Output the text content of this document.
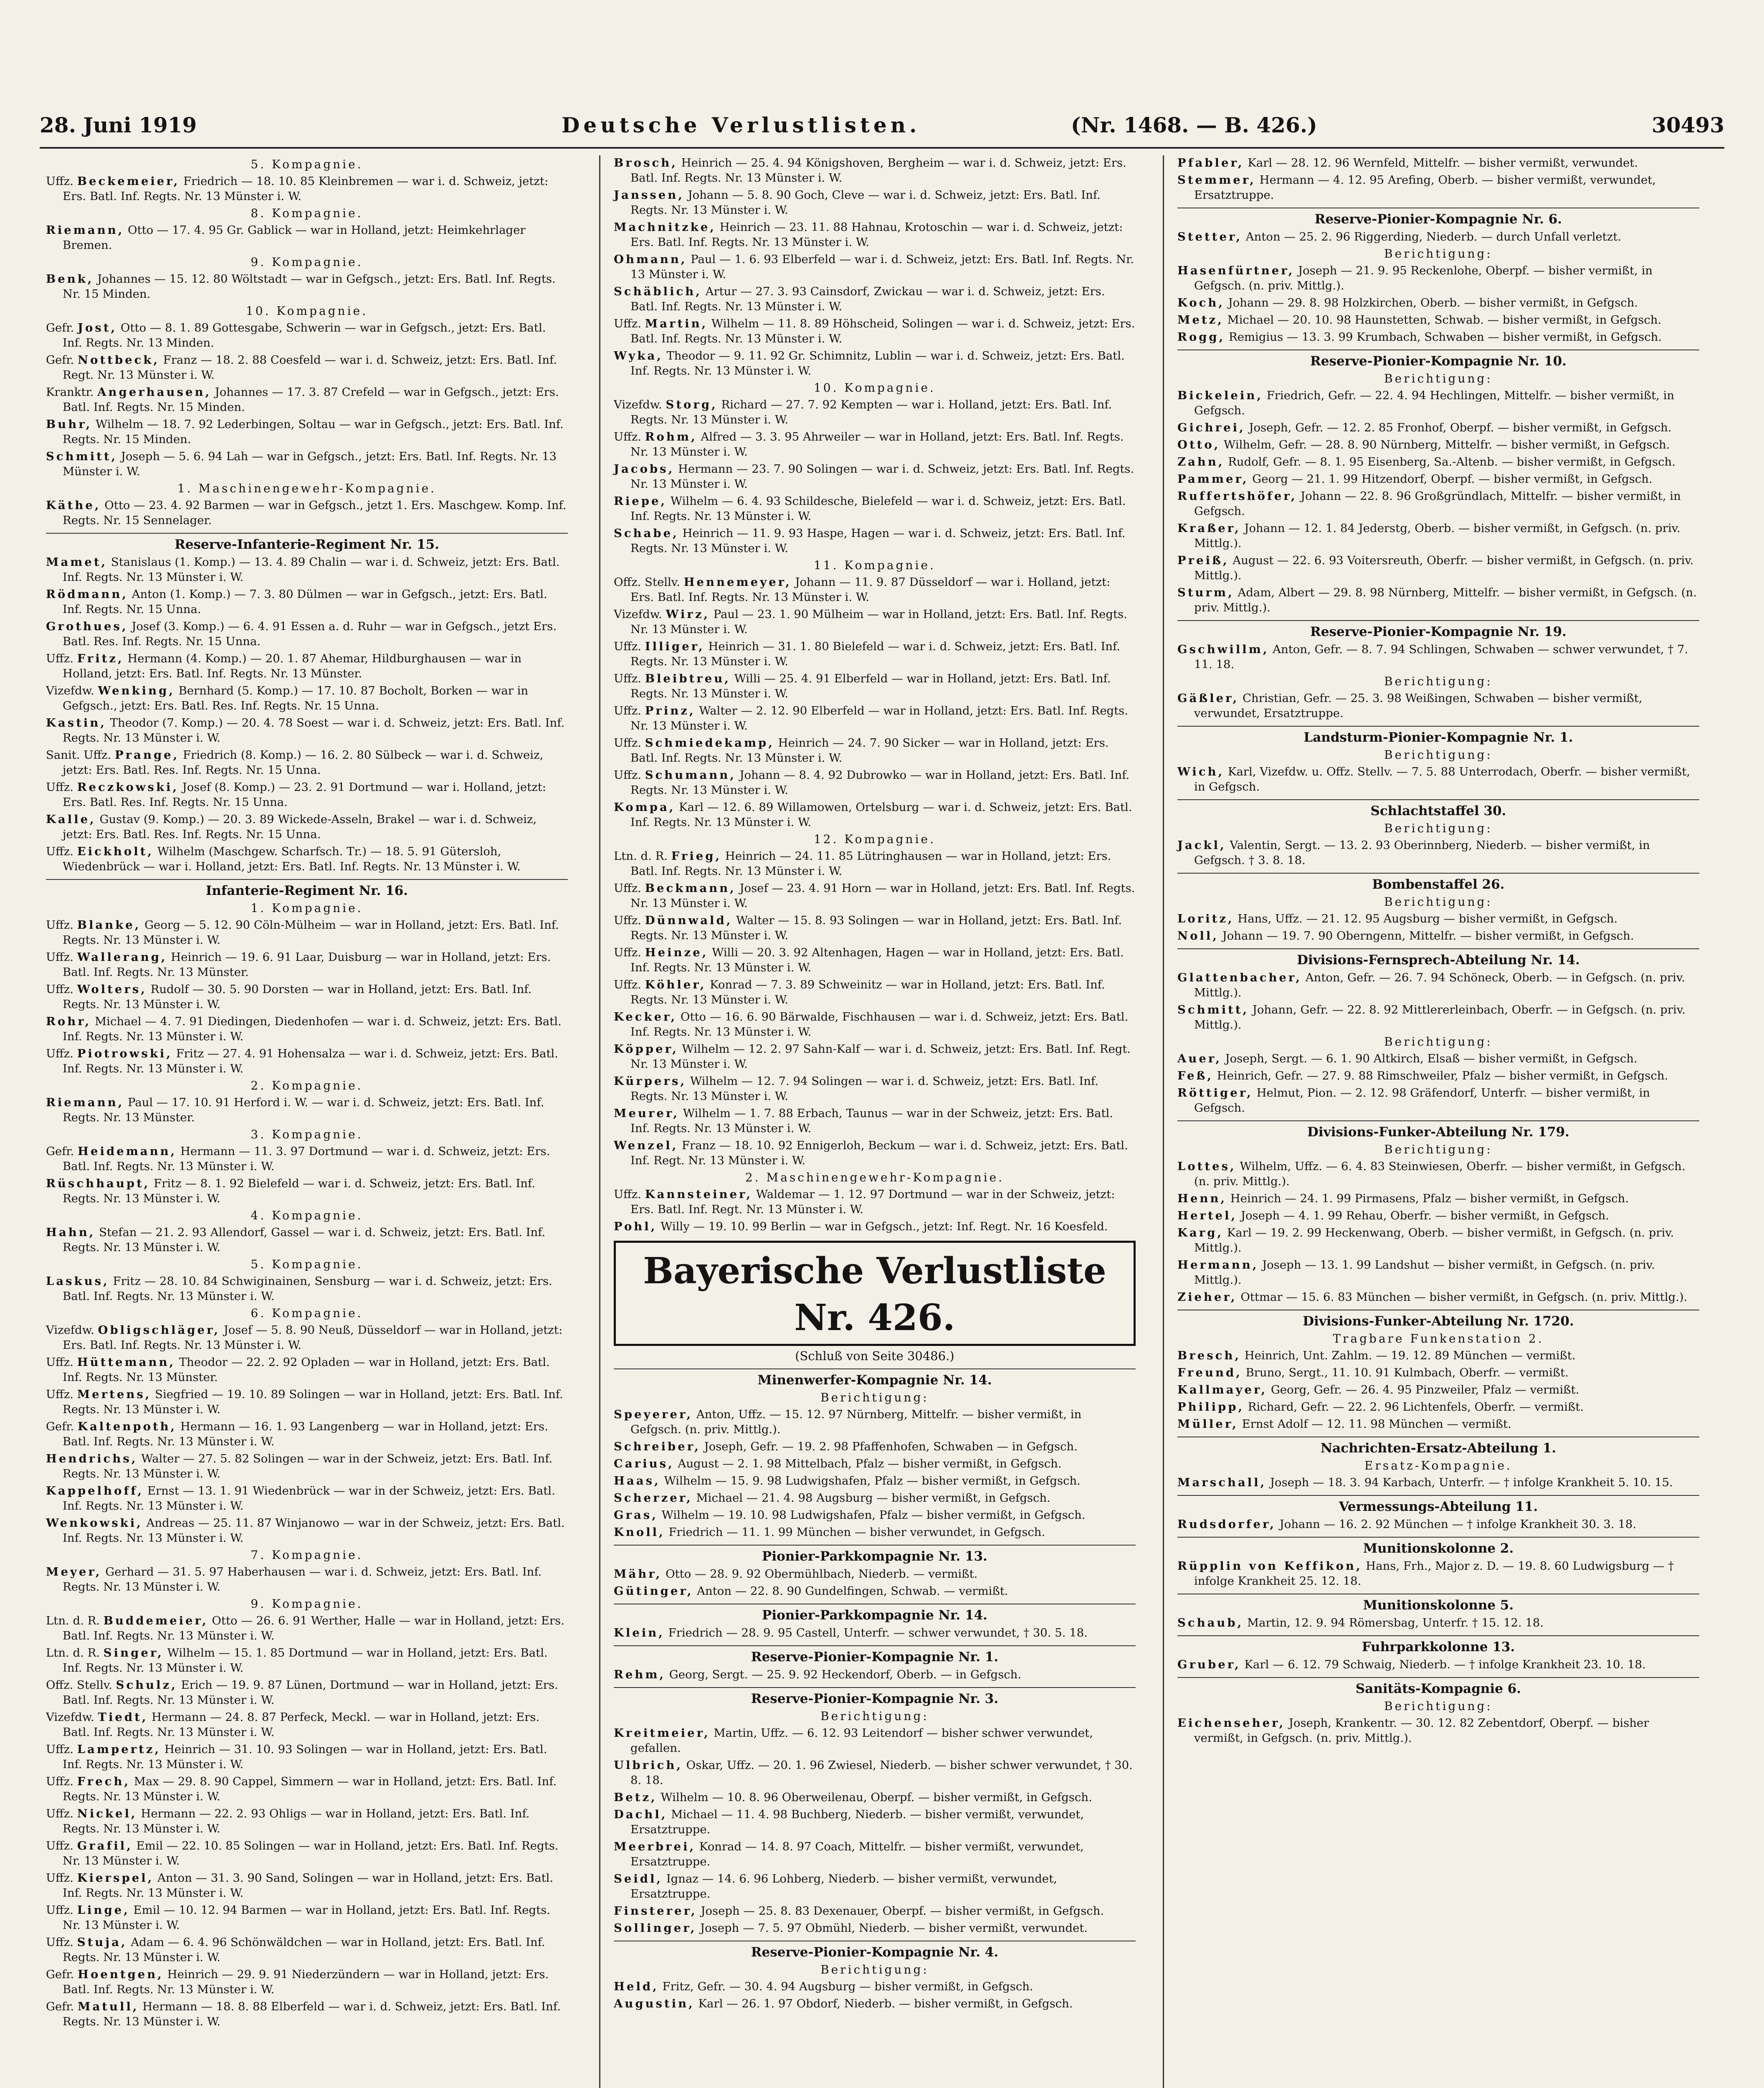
28. Juni 1919	Deutsche Verlustlisten.	30493
(Nr. 1468. — B. 426.)
5. Kompagnie.
Uffz. Beckemeier, Friedrich — 18. 10. 85 Kleinbremen — war i. d. Schweiz, jetzt: Ers. Batl. Inf. Regts. Nr. 13 Münster i. W.
8. Kompagnie.
Riemann, Otto — 17. 4. 95 Gr. Gablick — war in Holland, jetzt: Heimkehrlager Bremen.
9. Kompagnie.
Benk, Johannes — 15. 12. 80 Wöltstadt — war in Gefgsch., jetzt: Ers. Batl. Inf. Regts. Nr. 15 Minden.
10. Kompagnie.
Gefr. Jost, Otto — 8. 1. 89 Gottesgabe, Schwerin — war in Gefgsch., jetzt: Ers. Batl. Inf. Regts. Nr. 13 Minden.
Gefr. Nottbeck, Franz — 18. 2. 88 Coesfeld — war i. d. Schweiz, jetzt: Ers. Batl. Inf. Regt. Nr. 13 Münster i. W.
Kranktr. Angerhausen, Johannes — 17. 3. 87 Crefeld — war in Gefgsch., jetzt: Ers. Batl. Inf. Regts. Nr. 15 Minden.
Buhr, Wilhelm — 18. 7. 92 Lederbingen, Soltau — war in Gefgsch., jetzt: Ers. Batl. Inf. Regts. Nr. 15 Minden.
Schmitt, Joseph — 5. 6. 94 Lah — war in Gefgsch., jetzt: Ers. Batl. Inf. Regts. Nr. 13 Münster i. W.
1. Maschinengewehr-Kompagnie.
Käthe, Otto — 23. 4. 92 Barmen — war in Gefgsch., jetzt 1. Ers. Maschgew. Komp. Inf. Regts. Nr. 15 Sennelager.
Reserve-Infanterie-Regiment Nr. 15.
Mamet, Stanislaus (1. Komp.) — 13. 4. 89 Chalin — war i. d. Schweiz, jetzt: Ers. Batl. Inf. Regts. Nr. 13 Münster i. W.
Rödmann, Anton (1. Komp.) — 7. 3. 80 Dülmen — war in Gefgsch., jetzt: Ers. Batl. Inf. Regts. Nr. 15 Unna.
Grothues, Josef (3. Komp.) — 6. 4. 91 Essen a. d. Ruhr — war in Gefgsch., jetzt Ers. Batl. Res. Inf. Regts. Nr. 15 Unna.
Uffz. Fritz, Hermann (4. Komp.) — 20. 1. 87 Ahemar, Hildburghausen — war in Holland, jetzt: Ers. Batl. Inf. Regts. Nr. 13 Münster.
Vizefdw. Wenking, Bernhard (5. Komp.) — 17. 10. 87 Bocholt, Borken — war in Gefgsch., jetzt: Ers. Batl. Res. Inf. Regts. Nr. 15 Unna.
Kastin, Theodor (7. Komp.) — 20. 4. 78 Soest — war i. d. Schweiz, jetzt: Ers. Batl. Inf. Regts. Nr. 13 Münster i. W.
Sanit. Uffz. Prange, Friedrich (8. Komp.) — 16. 2. 80 Sülbeck — war i. d. Schweiz, jetzt: Ers. Batl. Res. Inf. Regts. Nr. 15 Unna.
Uffz. Reczkowski, Josef (8. Komp.) — 23. 2. 91 Dortmund — war i. Holland, jetzt: Ers. Batl. Res. Inf. Regts. Nr. 15 Unna.
Kalle, Gustav (9. Komp.) — 20. 3. 89 Wickede-Asseln, Brakel — war i. d. Schweiz, jetzt: Ers. Batl. Res. Inf. Regts. Nr. 15 Unna.
Uffz. Eickholt, Wilhelm (Maschgew. Scharfsch. Tr.) — 18. 5. 91 Gütersloh, Wiedenbrück — war i. Holland, jetzt: Ers. Batl. Inf. Regts. Nr. 13 Münster i. W.
Infanterie-Regiment Nr. 16.
1. Kompagnie.
Uffz. Blanke, Georg — 5. 12. 90 Cöln-Mülheim — war in Holland, jetzt: Ers. Batl. Inf. Regts. Nr. 13 Münster i. W.
Uffz. Wallerang, Heinrich — 19. 6. 91 Laar, Duisburg — war in Holland, jetzt: Ers. Batl. Inf. Regts. Nr. 13 Münster.
Uffz. Wolters, Rudolf — 30. 5. 90 Dorsten — war in Holland, jetzt: Ers. Batl. Inf. Regts. Nr. 13 Münster i. W.
Rohr, Michael — 4. 7. 91 Diedingen, Diedenhofen — war i. d. Schweiz, jetzt: Ers. Batl. Inf. Regts. Nr. 13 Münster i. W.
Uffz. Piotrowski, Fritz — 27. 4. 91 Hohensalza — war i. d. Schweiz, jetzt: Ers. Batl. Inf. Regts. Nr. 13 Münster i. W.
2. Kompagnie.
Riemann, Paul — 17. 10. 91 Herford i. W. — war i. d. Schweiz, jetzt: Ers. Batl. Inf. Regts. Nr. 13 Münster.
3. Kompagnie.
Gefr. Heidemann, Hermann — 11. 3. 97 Dortmund — war i. d. Schweiz, jetzt: Ers. Batl. Inf. Regts. Nr. 13 Münster i. W.
Rüschhaupt, Fritz — 8. 1. 92 Bielefeld — war i. d. Schweiz, jetzt: Ers. Batl. Inf. Regts. Nr. 13 Münster i. W.
4. Kompagnie.
Hahn, Stefan — 21. 2. 93 Allendorf, Gassel — war i. d. Schweiz, jetzt: Ers. Batl. Inf. Regts. Nr. 13 Münster i. W.
5. Kompagnie.
Laskus, Fritz — 28. 10. 84 Schwiginainen, Sensburg — war i. d. Schweiz, jetzt: Ers. Batl. Inf. Regts. Nr. 13 Münster i. W.
6. Kompagnie.
Vizefdw. Obligschläger, Josef — 5. 8. 90 Neuß, Düsseldorf — war in Holland, jetzt: Ers. Batl. Inf. Regts. Nr. 13 Münster i. W.
Uffz. Hüttemann, Theodor — 22. 2. 92 Opladen — war in Holland, jetzt: Ers. Batl. Inf. Regts. Nr. 13 Münster.
Uffz. Mertens, Siegfried — 19. 10. 89 Solingen — war in Holland, jetzt: Ers. Batl. Inf. Regts. Nr. 13 Münster i. W.
Gefr. Kaltenpoth, Hermann — 16. 1. 93 Langenberg — war in Holland, jetzt: Ers. Batl. Inf. Regts. Nr. 13 Münster i. W.
Hendrichs, Walter — 27. 5. 82 Solingen — war in der Schweiz, jetzt: Ers. Batl. Inf. Regts. Nr. 13 Münster i. W.
Kappelhoff, Ernst — 13. 1. 91 Wiedenbrück — war in der Schweiz, jetzt: Ers. Batl. Inf. Regts. Nr. 13 Münster i. W.
Wenkowski, Andreas — 25. 11. 87 Winjanowo — war in der Schweiz, jetzt: Ers. Batl. Inf. Regts. Nr. 13 Münster i. W.
7. Kompagnie.
Meyer, Gerhard — 31. 5. 97 Haberhausen — war i. d. Schweiz, jetzt: Ers. Batl. Inf. Regts. Nr. 13 Münster i. W.
9. Kompagnie.
Ltn. d. R. Buddemeier, Otto — 26. 6. 91 Werther, Halle — war in Holland, jetzt: Ers. Batl. Inf. Regts. Nr. 13 Münster i. W.
Ltn. d. R. Singer, Wilhelm — 15. 1. 85 Dortmund — war in Holland, jetzt: Ers. Batl. Inf. Regts. Nr. 13 Münster i. W.
Offz. Stellv. Schulz, Erich — 19. 9. 87 Lünen, Dortmund — war in Holland, jetzt: Ers. Batl. Inf. Regts. Nr. 13 Münster i. W.
Vizefdw. Tiedt, Hermann — 24. 8. 87 Perfeck, Meckl. — war in Holland, jetzt: Ers. Batl. Inf. Regts. Nr. 13 Münster i. W.
Uffz. Lampertz, Heinrich — 31. 10. 93 Solingen — war in Holland, jetzt: Ers. Batl. Inf. Regts. Nr. 13 Münster i. W.
Uffz. Frech, Max — 29. 8. 90 Cappel, Simmern — war in Holland, jetzt: Ers. Batl. Inf. Regts. Nr. 13 Münster i. W.
Uffz. Nickel, Hermann — 22. 2. 93 Ohligs — war in Holland, jetzt: Ers. Batl. Inf. Regts. Nr. 13 Münster i. W.
Uffz. Grafil, Emil — 22. 10. 85 Solingen — war in Holland, jetzt: Ers. Batl. Inf. Regts. Nr. 13 Münster i. W.
Uffz. Kierspel, Anton — 31. 3. 90 Sand, Solingen — war in Holland, jetzt: Ers. Batl. Inf. Regts. Nr. 13 Münster i. W.
Uffz. Linge, Emil — 10. 12. 94 Barmen — war in Holland, jetzt: Ers. Batl. Inf. Regts. Nr. 13 Münster i. W.
Uffz. Stuja, Adam — 6. 4. 96 Schönwäldchen — war in Holland, jetzt: Ers. Batl. Inf. Regts. Nr. 13 Münster i. W.
Gefr. Hoentgen, Heinrich — 29. 9. 91 Niederzündern — war in Holland, jetzt: Ers. Batl. Inf. Regts. Nr. 13 Münster i. W.
Gefr. Matull, Hermann — 18. 8. 88 Elberfeld — war i. d. Schweiz, jetzt: Ers. Batl. Inf. Regts. Nr. 13 Münster i. W.
Brosch, Heinrich — 25. 4. 94 Königshoven, Bergheim — war i. d. Schweiz, jetzt: Ers. Batl. Inf. Regts. Nr. 13 Münster i. W.
Janssen, Johann — 5. 8. 90 Goch, Cleve — war i. d. Schweiz, jetzt: Ers. Batl. Inf. Regts. Nr. 13 Münster i. W.
Machnitzke, Heinrich — 23. 11. 88 Hahnau, Krotoschin — war i. d. Schweiz, jetzt: Ers. Batl. Inf. Regts. Nr. 13 Münster i. W.
Ohmann, Paul — 1. 6. 93 Elberfeld — war i. d. Schweiz, jetzt: Ers. Batl. Inf. Regts. Nr. 13 Münster i. W.
Schäblich, Artur — 27. 3. 93 Cainsdorf, Zwickau — war i. d. Schweiz, jetzt: Ers. Batl. Inf. Regts. Nr. 13 Münster i. W.
Uffz. Martin, Wilhelm — 11. 8. 89 Höhscheid, Solingen — war i. d. Schweiz, jetzt: Ers. Batl. Inf. Regts. Nr. 13 Münster i. W.
Wyka, Theodor — 9. 11. 92 Gr. Schimnitz, Lublin — war i. d. Schweiz, jetzt: Ers. Batl. Inf. Regts. Nr. 13 Münster i. W.
10. Kompagnie.
Vizefdw. Storg, Richard — 27. 7. 92 Kempten — war i. Holland, jetzt: Ers. Batl. Inf. Regts. Nr. 13 Münster i. W.
Uffz. Rohm, Alfred — 3. 3. 95 Ahrweiler — war in Holland, jetzt: Ers. Batl. Inf. Regts. Nr. 13 Münster i. W.
Jacobs, Hermann — 23. 7. 90 Solingen — war i. d. Schweiz, jetzt: Ers. Batl. Inf. Regts. Nr. 13 Münster i. W.
Riepe, Wilhelm — 6. 4. 93 Schildesche, Bielefeld — war i. d. Schweiz, jetzt: Ers. Batl. Inf. Regts. Nr. 13 Münster i. W.
Schabe, Heinrich — 11. 9. 93 Haspe, Hagen — war i. d. Schweiz, jetzt: Ers. Batl. Inf. Regts. Nr. 13 Münster i. W.
11. Kompagnie.
Offz. Stellv. Hennemeyer, Johann — 11. 9. 87 Düsseldorf — war i. Holland, jetzt: Ers. Batl. Inf. Regts. Nr. 13 Münster i. W.
Vizefdw. Wirz, Paul — 23. 1. 90 Mülheim — war in Holland, jetzt: Ers. Batl. Inf. Regts. Nr. 13 Münster i. W.
Uffz. Illiger, Heinrich — 31. 1. 80 Bielefeld — war i. d. Schweiz, jetzt: Ers. Batl. Inf. Regts. Nr. 13 Münster i. W.
Uffz. Bleibtreu, Willi — 25. 4. 91 Elberfeld — war in Holland, jetzt: Ers. Batl. Inf. Regts. Nr. 13 Münster i. W.
Uffz. Prinz, Walter — 2. 12. 90 Elberfeld — war in Holland, jetzt: Ers. Batl. Inf. Regts. Nr. 13 Münster i. W.
Uffz. Schmiedekamp, Heinrich — 24. 7. 90 Sicker — war in Holland, jetzt: Ers. Batl. Inf. Regts. Nr. 13 Münster i. W.
Uffz. Schumann, Johann — 8. 4. 92 Dubrowko — war in Holland, jetzt: Ers. Batl. Inf. Regts. Nr. 13 Münster i. W.
Kompa, Karl — 12. 6. 89 Willamowen, Ortelsburg — war i. d. Schweiz, jetzt: Ers. Batl. Inf. Regts. Nr. 13 Münster i. W.
12. Kompagnie.
Ltn. d. R. Frieg, Heinrich — 24. 11. 85 Lütringhausen — war in Holland, jetzt: Ers. Batl. Inf. Regts. Nr. 13 Münster i. W.
Uffz. Beckmann, Josef — 23. 4. 91 Horn — war in Holland, jetzt: Ers. Batl. Inf. Regts. Nr. 13 Münster i. W.
Uffz. Dünnwald, Walter — 15. 8. 93 Solingen — war in Holland, jetzt: Ers. Batl. Inf. Regts. Nr. 13 Münster i. W.
Uffz. Heinze, Willi — 20. 3. 92 Altenhagen, Hagen — war in Holland, jetzt: Ers. Batl. Inf. Regts. Nr. 13 Münster i. W.
Uffz. Köhler, Konrad — 7. 3. 89 Schweinitz — war in Holland, jetzt: Ers. Batl. Inf. Regts. Nr. 13 Münster i. W.
Kecker, Otto — 16. 6. 90 Bärwalde, Fischhausen — war i. d. Schweiz, jetzt: Ers. Batl. Inf. Regts. Nr. 13 Münster i. W.
Köpper, Wilhelm — 12. 2. 97 Sahn-Kalf — war i. d. Schweiz, jetzt: Ers. Batl. Inf. Regt. Nr. 13 Münster i. W.
Kürpers, Wilhelm — 12. 7. 94 Solingen — war i. d. Schweiz, jetzt: Ers. Batl. Inf. Regts. Nr. 13 Münster i. W.
Meurer, Wilhelm — 1. 7. 88 Erbach, Taunus — war in der Schweiz, jetzt: Ers. Batl. Inf. Regts. Nr. 13 Münster i. W.
Wenzel, Franz — 18. 10. 92 Ennigerloh, Beckum — war i. d. Schweiz, jetzt: Ers. Batl. Inf. Regt. Nr. 13 Münster i. W.
2. Maschinengewehr-Kompagnie.
Uffz. Kannsteiner, Waldemar — 1. 12. 97 Dortmund — war in der Schweiz, jetzt: Ers. Batl. Inf. Regt. Nr. 13 Münster i. W.
Pohl, Willy — 19. 10. 99 Berlin — war in Gefgsch., jetzt: Inf. Regt. Nr. 16 Koesfeld.
Bayerische Verlustliste Nr. 426.
(Schluß von Seite 30486.)
Minenwerfer-Kompagnie Nr. 14.
Berichtigung:
Speyerer, Anton, Uffz. — 15. 12. 97 Nürnberg, Mittelfr. — bisher vermißt, in Gefgsch. (n. priv. Mittlg.).
Schreiber, Joseph, Gefr. — 19. 2. 98 Pfaffenhofen, Schwaben — in Gefgsch.
Carius, August — 2. 1. 98 Mittelbach, Pfalz — bisher vermißt, in Gefgsch.
Haas, Wilhelm — 15. 9. 98 Ludwigshafen, Pfalz — bisher vermißt, in Gefgsch.
Scherzer, Michael — 21. 4. 98 Augsburg — bisher vermißt, in Gefgsch.
Gras, Wilhelm — 19. 10. 98 Ludwigshafen, Pfalz — bisher vermißt, in Gefgsch.
Knoll, Friedrich — 11. 1. 99 München — bisher verwundet, in Gefgsch.
Pionier-Parkkompagnie Nr. 13.
Mähr, Otto — 28. 9. 92 Obermühlbach, Niederb. — vermißt.
Gütinger, Anton — 22. 8. 90 Gundelfingen, Schwab. — vermißt.
Pionier-Parkkompagnie Nr. 14.
Klein, Friedrich — 28. 9. 95 Castell, Unterfr. — schwer verwundet, † 30. 5. 18.
Reserve-Pionier-Kompagnie Nr. 1.
Rehm, Georg, Sergt. — 25. 9. 92 Heckendorf, Oberb. — in Gefgsch.
Reserve-Pionier-Kompagnie Nr. 3.
Berichtigung:
Kreitmeier, Martin, Uffz. — 6. 12. 93 Leitendorf — bisher schwer verwundet, gefallen.
Ulbrich, Oskar, Uffz. — 20. 1. 96 Zwiesel, Niederb. — bisher schwer verwundet, † 30. 8. 18.
Betz, Wilhelm — 10. 8. 96 Oberweilenau, Oberpf. — bisher vermißt, in Gefgsch.
Dachl, Michael — 11. 4. 98 Buchberg, Niederb. — bisher vermißt, verwundet, Ersatztruppe.
Meerbrei, Konrad — 14. 8. 97 Coach, Mittelfr. — bisher vermißt, verwundet, Ersatztruppe.
Seidl, Ignaz — 14. 6. 96 Lohberg, Niederb. — bisher vermißt, verwundet, Ersatztruppe.
Finsterer, Joseph — 25. 8. 83 Dexenauer, Oberpf. — bisher vermißt, in Gefgsch.
Sollinger, Joseph — 7. 5. 97 Obmühl, Niederb. — bisher vermißt, verwundet.
Reserve-Pionier-Kompagnie Nr. 4.
Berichtigung:
Held, Fritz, Gefr. — 30. 4. 94 Augsburg — bisher vermißt, in Gefgsch.
Augustin, Karl — 26. 1. 97 Obdorf, Niederb. — bisher vermißt, in Gefgsch.
Pfabler, Karl — 28. 12. 96 Wernfeld, Mittelfr. — bisher vermißt, verwundet.
Stemmer, Hermann — 4. 12. 95 Arefing, Oberb. — bisher vermißt, verwundet, Ersatztruppe.
Reserve-Pionier-Kompagnie Nr. 6.
Stetter, Anton — 25. 2. 96 Riggerding, Niederb. — durch Unfall verletzt.
Berichtigung:
Hasenfürtner, Joseph — 21. 9. 95 Reckenlohe, Oberpf. — bisher vermißt, in Gefgsch. (n. priv. Mittlg.).
Koch, Johann — 29. 8. 98 Holzkirchen, Oberb. — bisher vermißt, in Gefgsch.
Metz, Michael — 20. 10. 98 Haunstetten, Schwab. — bisher vermißt, in Gefgsch.
Rogg, Remigius — 13. 3. 99 Krumbach, Schwaben — bisher vermißt, in Gefgsch.
Reserve-Pionier-Kompagnie Nr. 10.
Berichtigung:
Bickelein, Friedrich, Gefr. — 22. 4. 94 Hechlingen, Mittelfr. — bisher vermißt, in Gefgsch.
Gichrei, Joseph, Gefr. — 12. 2. 85 Fronhof, Oberpf. — bisher vermißt, in Gefgsch.
Otto, Wilhelm, Gefr. — 28. 8. 90 Nürnberg, Mittelfr. — bisher vermißt, in Gefgsch.
Zahn, Rudolf, Gefr. — 8. 1. 95 Eisenberg, Sa.-Altenb. — bisher vermißt, in Gefgsch.
Pammer, Georg — 21. 1. 99 Hitzendorf, Oberpf. — bisher vermißt, in Gefgsch.
Ruffertshöfer, Johann — 22. 8. 96 Großgründlach, Mittelfr. — bisher vermißt, in Gefgsch.
Kraßer, Johann — 12. 1. 84 Jederstg, Oberb. — bisher vermißt, in Gefgsch. (n. priv. Mittlg.).
Preiß, August — 22. 6. 93 Voitersreuth, Oberfr. — bisher vermißt, in Gefgsch. (n. priv. Mittlg.).
Sturm, Adam, Albert — 29. 8. 98 Nürnberg, Mittelfr. — bisher vermißt, in Gefgsch. (n. priv. Mittlg.).
Reserve-Pionier-Kompagnie Nr. 19.
Gschwillm, Anton, Gefr. — 8. 7. 94 Schlingen, Schwaben — schwer verwundet, † 7. 11. 18.
Berichtigung:
Gäßler, Christian, Gefr. — 25. 3. 98 Weißingen, Schwaben — bisher vermißt, verwundet, Ersatztruppe.
Landsturm-Pionier-Kompagnie Nr. 1.
Berichtigung:
Wich, Karl, Vizefdw. u. Offz. Stellv. — 7. 5. 88 Unterrodach, Oberfr. — bisher vermißt, in Gefgsch.
Schlachtstaffel 30.
Berichtigung:
Jackl, Valentin, Sergt. — 13. 2. 93 Oberinnberg, Niederb. — bisher vermißt, in Gefgsch. † 3. 8. 18.
Bombenstaffel 26.
Berichtigung:
Loritz, Hans, Uffz. — 21. 12. 95 Augsburg — bisher vermißt, in Gefgsch.
Noll, Johann — 19. 7. 90 Oberngenn, Mittelfr. — bisher vermißt, in Gefgsch.
Divisions-Fernsprech-Abteilung Nr. 14.
Glattenbacher, Anton, Gefr. — 26. 7. 94 Schöneck, Oberb. — in Gefgsch. (n. priv. Mittlg.).
Schmitt, Johann, Gefr. — 22. 8. 92 Mittlererleinbach, Oberfr. — in Gefgsch. (n. priv. Mittlg.).
Berichtigung:
Auer, Joseph, Sergt. — 6. 1. 90 Altkirch, Elsaß — bisher vermißt, in Gefgsch.
Feß, Heinrich, Gefr. — 27. 9. 88 Rimschweiler, Pfalz — bisher vermißt, in Gefgsch.
Röttiger, Helmut, Pion. — 2. 12. 98 Gräfendorf, Unterfr. — bisher vermißt, in Gefgsch.
Divisions-Funker-Abteilung Nr. 179.
Berichtigung:
Lottes, Wilhelm, Uffz. — 6. 4. 83 Steinwiesen, Oberfr. — bisher vermißt, in Gefgsch. (n. priv. Mittlg.).
Henn, Heinrich — 24. 1. 99 Pirmasens, Pfalz — bisher vermißt, in Gefgsch.
Hertel, Joseph — 4. 1. 99 Rehau, Oberfr. — bisher vermißt, in Gefgsch.
Karg, Karl — 19. 2. 99 Heckenwang, Oberb. — bisher vermißt, in Gefgsch. (n. priv. Mittlg.).
Hermann, Joseph — 13. 1. 99 Landshut — bisher vermißt, in Gefgsch. (n. priv. Mittlg.).
Zieher, Ottmar — 15. 6. 83 München — bisher vermißt, in Gefgsch. (n. priv. Mittlg.).
Divisions-Funker-Abteilung Nr. 1720.
Tragbare Funkenstation 2.
Bresch, Heinrich, Unt. Zahlm. — 19. 12. 89 München — vermißt.
Freund, Bruno, Sergt., 11. 10. 91 Kulmbach, Oberfr. — vermißt.
Kallmayer, Georg, Gefr. — 26. 4. 95 Pinzweiler, Pfalz — vermißt.
Philipp, Richard, Gefr. — 22. 2. 96 Lichtenfels, Oberfr. — vermißt.
Müller, Ernst Adolf — 12. 11. 98 München — vermißt.
Nachrichten-Ersatz-Abteilung 1.
Ersatz-Kompagnie.
Marschall, Joseph — 18. 3. 94 Karbach, Unterfr. — † infolge Krankheit 5. 10. 15.
Vermessungs-Abteilung 11.
Rudsdorfer, Johann — 16. 2. 92 München — † infolge Krankheit 30. 3. 18.
Munitionskolonne 2.
Rüpplin von Keffikon, Hans, Frh., Major z. D. — 19. 8. 60 Ludwigsburg — † infolge Krankheit 25. 12. 18.
Munitionskolonne 5.
Schaub, Martin, 12. 9. 94 Römersbag, Unterfr. † 15. 12. 18.
Fuhrparkkolonne 13.
Gruber, Karl — 6. 12. 79 Schwaig, Niederb. — † infolge Krankheit 23. 10. 18.
Sanitäts-Kompagnie 6.
Berichtigung:
Eichenseher, Joseph, Krankentr. — 30. 12. 82 Zebentdorf, Oberpf. — bisher vermißt, in Gefgsch. (n. priv. Mittlg.).
